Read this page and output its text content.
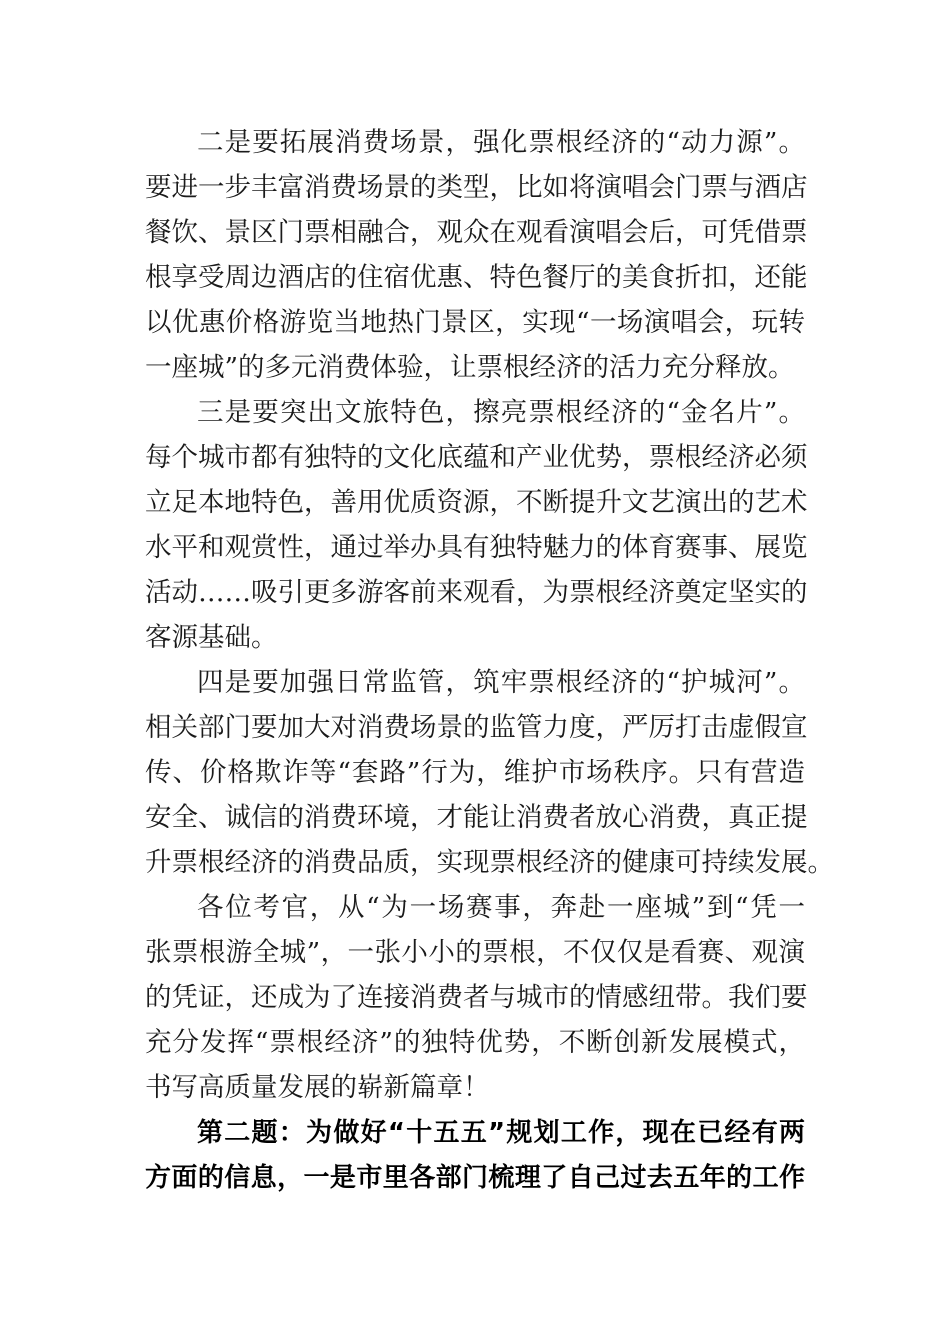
二是要拓展消费场景，强化票根经济的“动力源”。
要进一步丰富消费场景的类型，比如将演唱会门票与酒店
餐饮、景区门票相融合，观众在观看演唱会后，可凭借票
根享受周边酒店的住宿优惠、特色餐厅的美食折扣，还能
以优惠价格游览当地热门景区，实现“一场演唱会，玩转
一座城”的多元消费体验，让票根经济的活力充分释放。
三是要突出文旅特色，擦亮票根经济的“金名片”。
每个城市都有独特的文化底蕴和产业优势，票根经济必须
立足本地特色，善用优质资源，不断提升文艺演出的艺术
水平和观赏性，通过举办具有独特魅力的体育赛事、展览
活动……吸引更多游客前来观看，为票根经济奠定坚实的
客源基础。
四是要加强日常监管，筑牢票根经济的“护城河”。
相关部门要加大对消费场景的监管力度，严厉打击虚假宣
传、价格欺诈等“套路”行为，维护市场秩序。只有营造
安全、诚信的消费环境，才能让消费者放心消费，真正提
升票根经济的消费品质，实现票根经济的健康可持续发展。
各位考官，从“为一场赛事，奔赴一座城”到“凭一
张票根游全城”，一张小小的票根，不仅仅是看赛、观演
的凭证，还成为了连接消费者与城市的情感纽带。我们要
充分发挥“票根经济”的独特优势，不断创新发展模式，
书写高质量发展的崭新篇章！
第二题：为做好“十五五”规划工作，现在已经有两
方面的信息，一是市里各部门梳理了自己过去五年的工作
